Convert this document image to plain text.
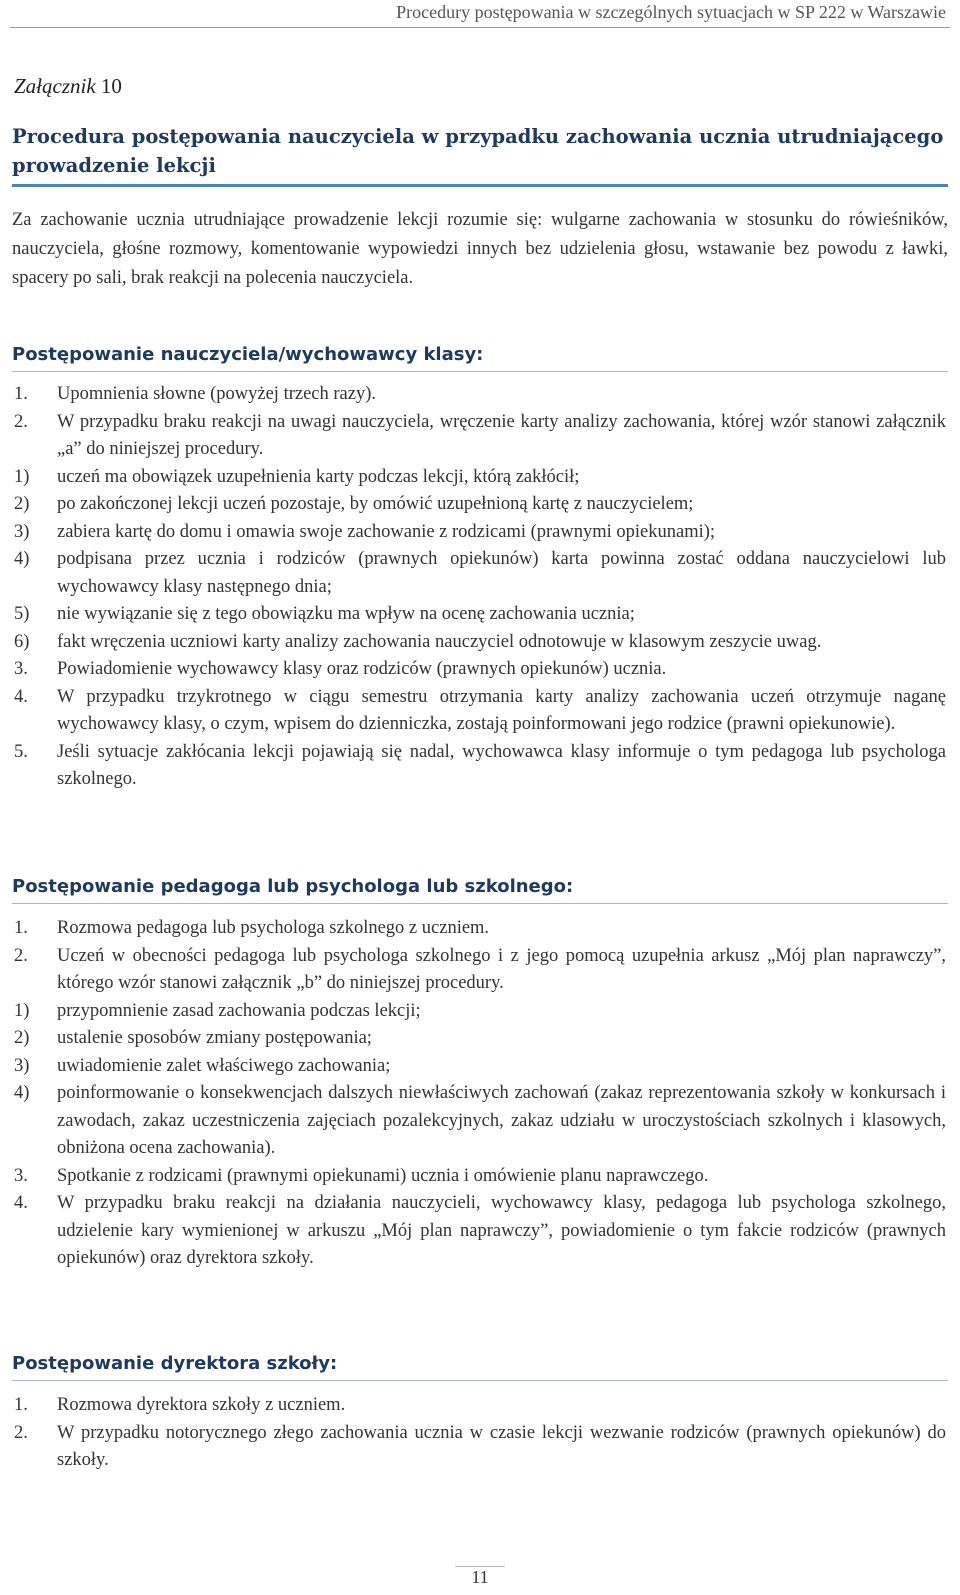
Procedury postępowania w szczególnych sytuacjach w SP 222 w Warszawie
Załącznik 10
Procedura postępowania nauczyciela w przypadku zachowania ucznia utrudniającego prowadzenie lekcji
Za zachowanie ucznia utrudniające prowadzenie lekcji rozumie się: wulgarne zachowania w stosunku do rówieśników, nauczyciela, głośne rozmowy, komentowanie wypowiedzi innych bez udzielenia głosu, wstawanie bez powodu z ławki, spacery po sali, brak reakcji na polecenia nauczyciela.
Postępowanie nauczyciela/wychowawcy klasy:
1.	Upomnienia słowne (powyżej trzech razy).
2.	W przypadku braku reakcji na uwagi nauczyciela, wręczenie karty analizy zachowania, której wzór stanowi załącznik „a” do niniejszej procedury.
1)	uczeń ma obowiązek uzupełnienia karty podczas lekcji, którą zakłócił;
2)	po zakończonej lekcji uczeń pozostaje, by omówić uzupełnioną kartę z nauczycielem;
3)	zabiera kartę do domu i omawia swoje zachowanie z rodzicami (prawnymi opiekunami);
4)	podpisana przez ucznia i rodziców (prawnych opiekunów) karta powinna zostać oddana nauczycielowi lub wychowawcy klasy następnego dnia;
5)	nie wywiązanie się z tego obowiązku ma wpływ na ocenę zachowania ucznia;
6)	fakt wręczenia uczniowi karty analizy zachowania nauczyciel odnotowuje w klasowym zeszycie uwag.
3.	Powiadomienie wychowawcy klasy oraz rodziców (prawnych opiekunów) ucznia.
4.	W przypadku trzykrotnego w ciągu semestru otrzymania karty analizy zachowania uczeń otrzymuje naganę wychowawcy klasy, o czym, wpisem do dzienniczka, zostają poinformowani jego rodzice (prawni opiekunowie).
5.	Jeśli sytuacje zakłócania lekcji pojawiają się nadal, wychowawca klasy informuje o tym pedagoga lub psychologa szkolnego.
Postępowanie pedagoga lub psychologa lub szkolnego:
1.	Rozmowa pedagoga lub psychologa szkolnego z uczniem.
2.	Uczeń w obecności pedagoga lub psychologa szkolnego i z jego pomocą uzupełnia arkusz „Mój plan naprawczy”, którego wzór stanowi załącznik „b” do niniejszej procedury.
1)	przypomnienie zasad zachowania podczas lekcji;
2)	ustalenie sposobów zmiany postępowania;
3)	uwiadomienie zalet właściwego zachowania;
4)	poinformowanie o konsekwencjach dalszych niewłaściwych zachowań (zakaz reprezentowania szkoły w konkursach i zawodach, zakaz uczestniczenia zajęciach pozalekcyjnych, zakaz udziału w uroczystościach szkolnych i klasowych, obniżona ocena zachowania).
3.	Spotkanie z rodzicami (prawnymi opiekunami) ucznia i omówienie planu naprawczego.
4.	W przypadku braku reakcji na działania nauczycieli, wychowawcy klasy, pedagoga lub psychologa szkolnego, udzielenie kary wymienionej w arkuszu „Mój plan naprawczy”, powiadomienie o tym fakcie rodziców (prawnych opiekunów) oraz dyrektora szkoły.
Postępowanie dyrektora szkoły:
1.	Rozmowa dyrektora szkoły z uczniem.
2.	W przypadku notorycznego złego zachowania ucznia w czasie lekcji wezwanie rodziców (prawnych opiekunów) do szkoły.
11
